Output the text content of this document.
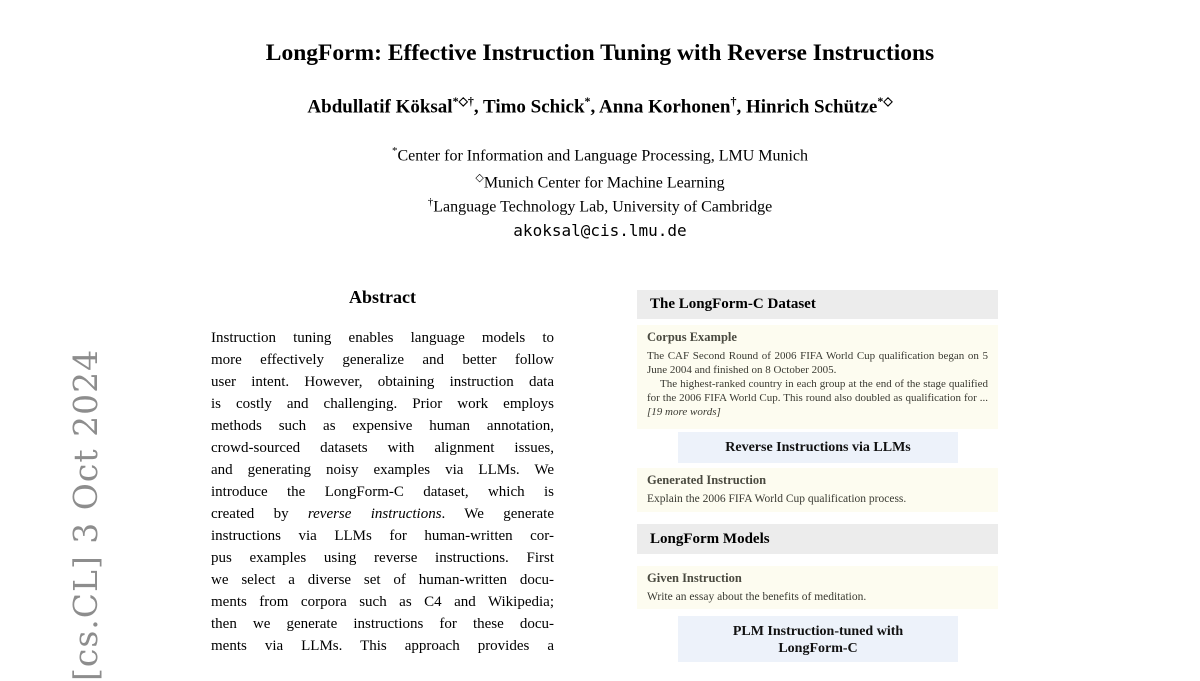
[cs.CL] 3 Oct 2024
LongForm: Effective Instruction Tuning with Reverse Instructions
Abdullatif Köksal*◇†, Timo Schick*, Anna Korhonen†, Hinrich Schütze*◇
*Center for Information and Language Processing, LMU Munich
◇Munich Center for Machine Learning
†Language Technology Lab, University of Cambridge
akoksal@cis.lmu.de
Abstract
Instruction tuning enables language models to
more effectively generalize and better follow
user intent. However, obtaining instruction data
is costly and challenging. Prior work employs
methods such as expensive human annotation,
crowd-sourced datasets with alignment issues,
and generating noisy examples via LLMs. We
introduce the LongForm-C dataset, which is
created by reverse instructions. We generate
instructions via LLMs for human-written cor-
pus examples using reverse instructions. First
we select a diverse set of human-written docu-
ments from corpora such as C4 and Wikipedia;
then we generate instructions for these docu-
ments via LLMs. This approach provides a
The LongForm-C Dataset
Corpus Example
The CAF Second Round of 2006 FIFA World Cup qualification began on 5 June 2004 and finished on 8 October 2005.
The highest-ranked country in each group at the end of the stage qualified for the 2006 FIFA World Cup. This round also doubled as qualification for ... [19 more words]
Reverse Instructions via LLMs
Generated Instruction
Explain the 2006 FIFA World Cup qualification process.
LongForm Models
Given Instruction
Write an essay about the benefits of meditation.
PLM Instruction-tuned with
LongForm-C
